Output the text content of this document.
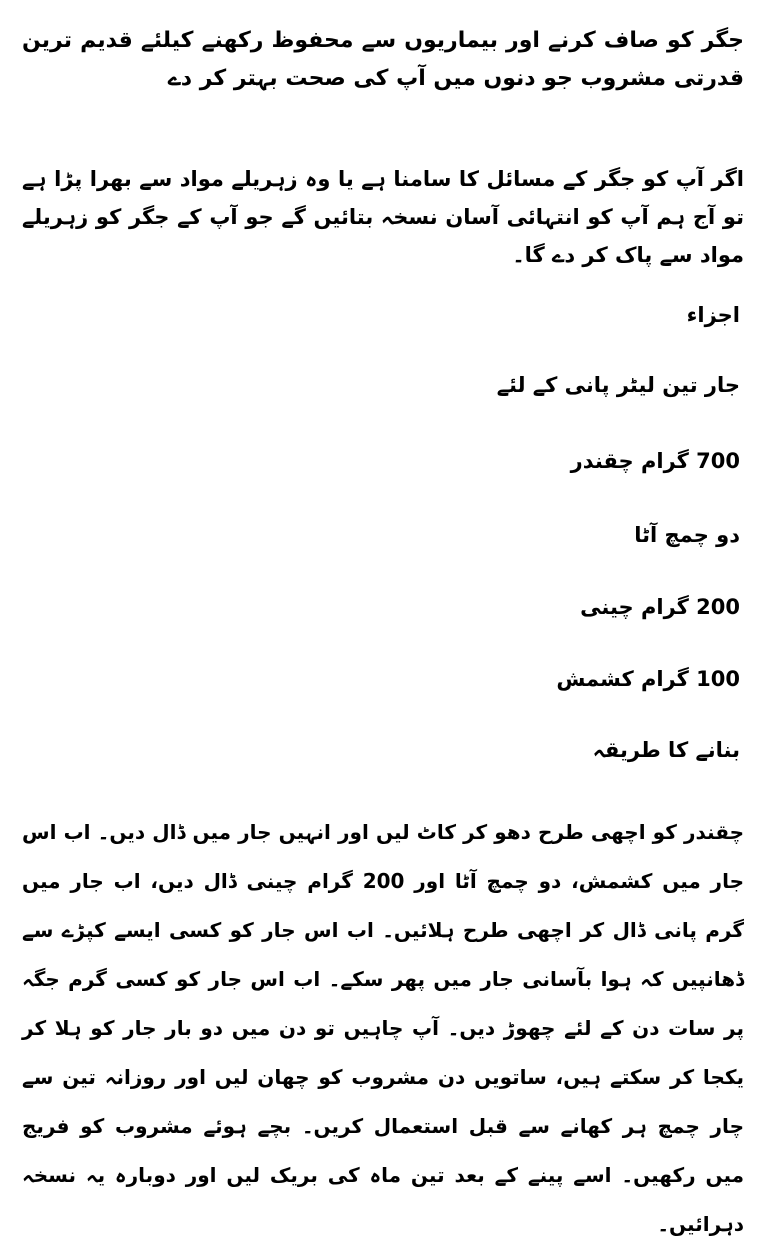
جگر کو صاف کرنے اور بیماریوں سے محفوظ رکھنے کیلئے قدیم ترین قدرتی مشروب جو دنوں میں آپ کی صحت بہتر کر دے
اگر آپ کو جگر کے مسائل کا سامنا ہے یا وہ زہریلے مواد سے بھرا پڑا ہے تو آج ہم آپ کو انتہائی آسان نسخہ بتائیں گے جو آپ کے جگر کو زہریلے مواد سے پاک کر دے گا۔
اجزاء
جار تین لیٹر پانی کے لئے
700 گرام چقندر
دو چمچ آٹا
200 گرام چینی
100 گرام کشمش
بنانے کا طریقہ
چقندر کو اچھی طرح دھو کر کاٹ لیں اور انہیں جار میں ڈال دیں۔ اب اس جار میں کشمش، دو چمچ آٹا اور 200 گرام چینی ڈال دیں، اب جار میں گرم پانی ڈال کر اچھی طرح ہلائیں۔ اب اس جار کو کسی ایسے کپڑے سے ڈھانپیں کہ ہوا بآسانی جار میں پھر سکے۔ اب اس جار کو کسی گرم جگہ پر سات دن کے لئے چھوڑ دیں۔ آپ چاہیں تو دن میں دو بار جار کو ہلا کر یکجا کر سکتے ہیں، ساتویں دن مشروب کو چھان لیں اور روزانہ تین سے چار چمچ ہر کھانے سے قبل استعمال کریں۔ بچے ہوئے مشروب کو فریج میں رکھیں۔ اسے پینے کے بعد تین ماہ کی بریک لیں اور دوبارہ یہ نسخہ دہرائیں۔
